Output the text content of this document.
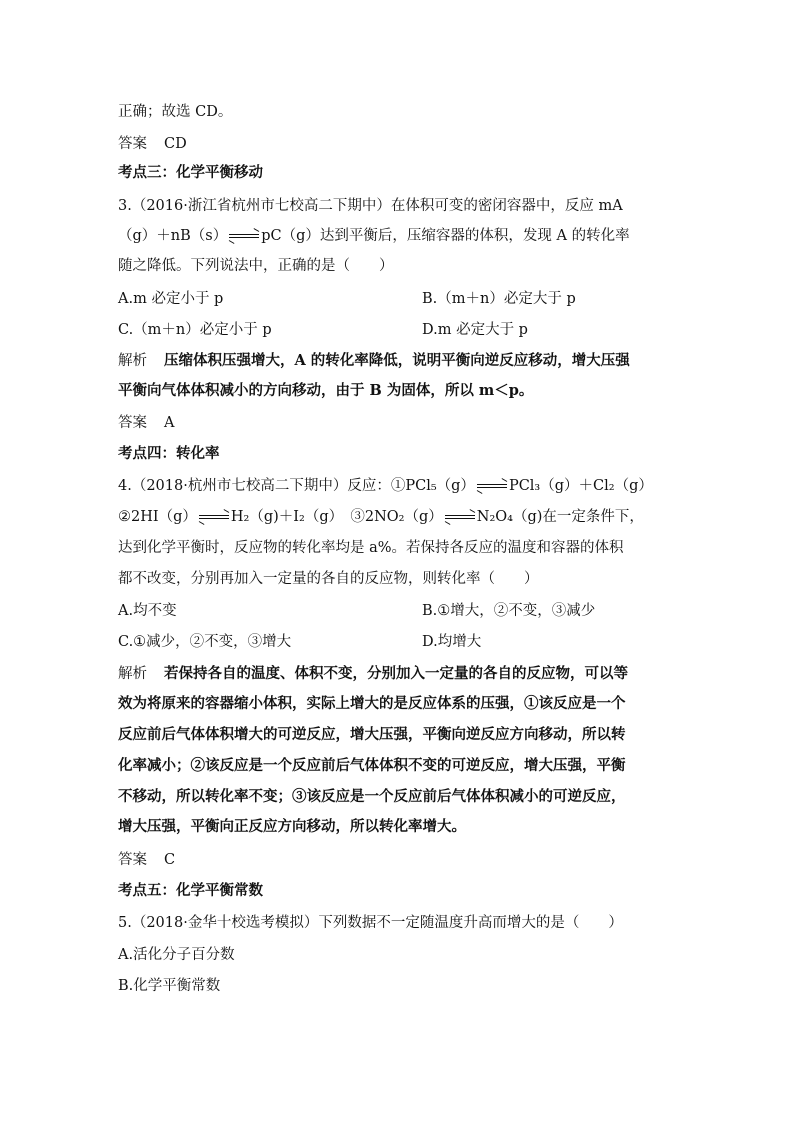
正确；故选 CD。
答案 CD
考点三：化学平衡移动
3.（2016·浙江省杭州市七校高二下期中）在体积可变的密闭容器中，反应 mA
（g）＋nB（s） pC（g）达到平衡后，压缩容器的体积，发现 A 的转化率
随之降低。下列说法中，正确的是（　　）
A.m 必定小于 p	B.（m＋n）必定大于 p
C.（m＋n）必定小于 p	D.m 必定大于 p
解析 压缩体积压强增大，A 的转化率降低，说明平衡向逆反应移动，增大压强
平衡向气体体积减小的方向移动，由于 B 为固体，所以 m＜p。
答案 A
考点四：转化率
4.（2018·杭州市七校高二下期中）反应：①PCl₅（g） PCl₃（g）＋Cl₂（g）
②2HI（g） H₂（g)＋I₂（g）　③2NO₂（g） N₂O₄（g)在一定条件下，
达到化学平衡时，反应物的转化率均是 a%。若保持各反应的温度和容器的体积
都不改变，分别再加入一定量的各自的反应物，则转化率（　　）
A.均不变	B.①增大，②不变，③减少
C.①减少，②不变，③增大	D.均增大
解析 若保持各自的温度、体积不变，分别加入一定量的各自的反应物，可以等
效为将原来的容器缩小体积，实际上增大的是反应体系的压强，①该反应是一个
反应前后气体体积增大的可逆反应，增大压强，平衡向逆反应方向移动，所以转
化率减小；②该反应是一个反应前后气体体积不变的可逆反应，增大压强，平衡
不移动，所以转化率不变；③该反应是一个反应前后气体体积减小的可逆反应，
增大压强，平衡向正反应方向移动，所以转化率增大。
答案 C
考点五：化学平衡常数
5.（2018·金华十校选考模拟）下列数据不一定随温度升高而增大的是（　　）
A.活化分子百分数
B.化学平衡常数
